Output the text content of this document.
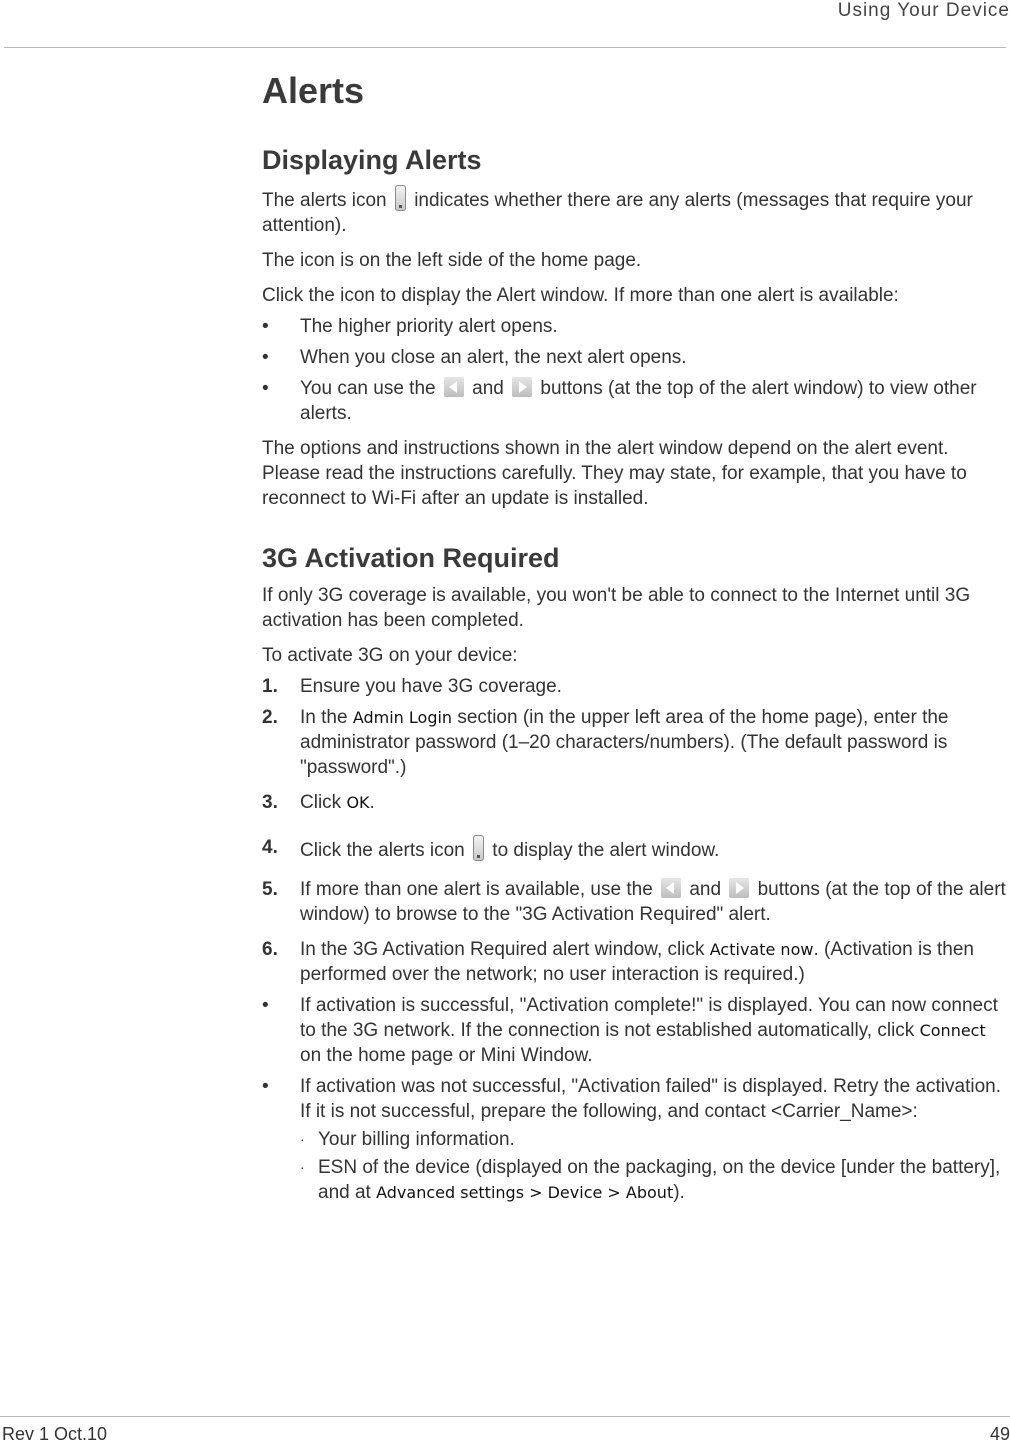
Using Your Device
Alerts
Displaying Alerts

The alerts icon indicates whether there are any alerts (messages that require your attention).

The icon is on the left side of the home page.

Click the icon to display the Alert window. If more than one alert is available:

• The higher priority alert opens.
• When you close an alert, the next alert opens.
• You can use the and buttons (at the top of the alert window) to view other alerts.

The options and instructions shown in the alert window depend on the alert event. Please read the instructions carefully. They may state, for example, that you have to reconnect to Wi-Fi after an update is installed.

3G Activation Required

If only 3G coverage is available, you won't be able to connect to the Internet until 3G activation has been completed.

To activate 3G on your device:

1. Ensure you have 3G coverage.
2. In the Admin Login section (in the upper left area of the home page), enter the administrator password (1–20 characters/numbers). (The default password is "password".)
3. Click OK.
4. Click the alerts icon to display the alert window.
5. If more than one alert is available, use the and buttons (at the top of the alert window) to browse to the "3G Activation Required" alert.
6. In the 3G Activation Required alert window, click Activate now. (Activation is then performed over the network; no user interaction is required.)
• If activation is successful, "Activation complete!" is displayed. You can now connect to the 3G network. If the connection is not established automatically, click Connect on the home page or Mini Window.
• If activation was not successful, "Activation failed" is displayed. Retry the activation. If it is not successful, prepare the following, and contact <Carrier_Name>:
· Your billing information.
· ESN of the device (displayed on the packaging, on the device [under the battery], and at Advanced settings > Device > About).
Rev 1 Oct.10	49
